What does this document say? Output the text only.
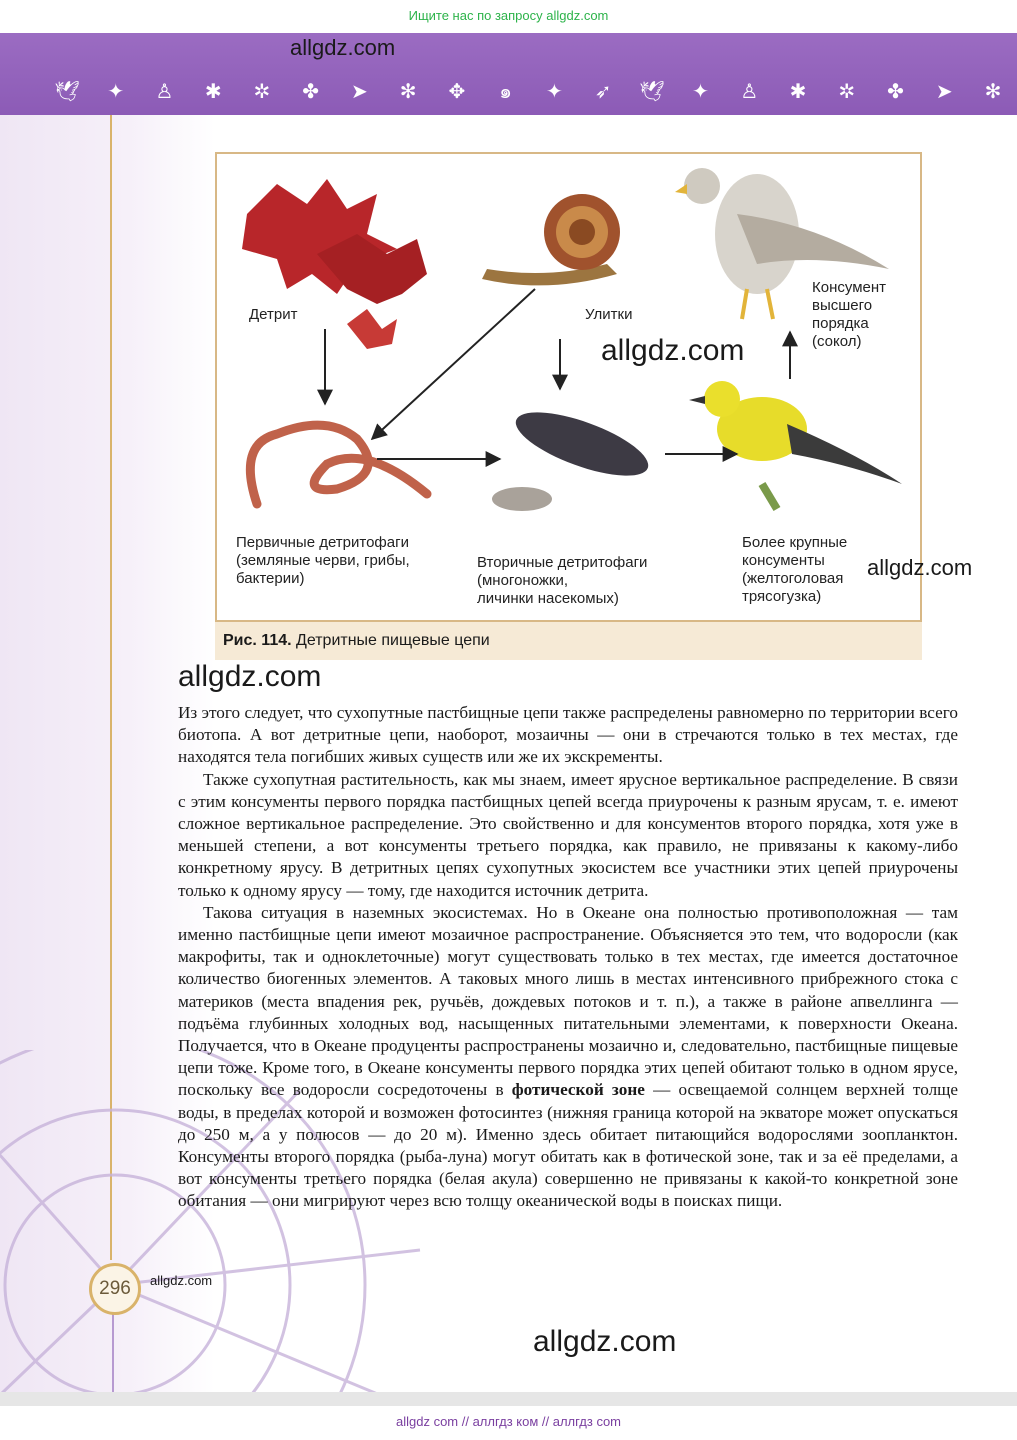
Ищите нас по запросу allgdz.com
allgdz.com
🕊	✦	♙	✱	✲	✤	➤	✻	✥	๑	✦	➶	🕊	✦	♙	✱	✲	✤	➤	✻
Детрит	Улитки
Консумент
высшего
порядка
(сокол)
Первичные детритофаги
(земляные черви, грибы,
бактерии)
Вторичные детритофаги
(многоножки,
личинки насекомых)
Более крупные
консументы
(желтоголовая
трясогузка)
allgdz.com
allgdz.com
Рис. 114. Детритные пищевые цепи
allgdz.com

Из этого следует, что сухопутные пастбищные цепи также распределены равномерно по территории всего биотопа. А вот детритные цепи, наоборот, мозаичны — они в стречаются только в тех местах, где находятся тела погибших живых существ или же их экскременты.

Также сухопутная растительность, как мы знаем, имеет ярусное вертикальное распределение. В связи с этим консументы первого порядка пастбищных цепей всегда приурочены к разным ярусам, т. е. имеют сложное вертикальное распределение. Это свойственно и для консументов второго порядка, хотя уже в меньшей степени, а вот консументы третьего порядка, как правило, не привязаны к какому-либо конкретному ярусу. В детритных цепях сухопутных экосистем все участники этих цепей приурочены только к одному ярусу — тому, где находится источник детрита.

Такова ситуация в наземных экосистемах. Но в Океане она полностью противоположная — там именно пастбищные цепи имеют мозаичное распространение. Объясняется это тем, что водоросли (как макрофиты, так и одноклеточные) могут существовать только в тех местах, где имеется достаточное количество биогенных элементов. А таковых много лишь в местах интенсивного прибрежного стока с материков (места впадения рек, ручьёв, дождевых потоков и т. п.), а также в районе апвеллинга — подъёма глубинных холодных вод, насыщенных питательными элементами, к поверхности Океана. Получается, что в Океане продуценты распространены мозаично и, следовательно, пастбищные пищевые цепи тоже. Кроме того, в Океане консументы первого порядка этих цепей обитают только в одном ярусе, поскольку все водоросли сосредоточены в фотической зоне — освещаемой солнцем верхней толще воды, в пределах которой и возможен фотосинтез (нижняя граница которой на экваторе может опускаться до 250 м, а у полюсов — до 20 м). Именно здесь обитает питающийся водорослями зоопланктон. Консументы второго порядка (рыба-луна) могут обитать как в фотической зоне, так и за её пределами, а вот консументы третьего порядка (белая акула) совершенно не привязаны к какой-то конкретной зоне обитания — они мигрируют через всю толщу океанической воды в поисках пищи.

296	allgdz.com
allgdz.com
allgdz com // аллгдз ком // аллгдз com
